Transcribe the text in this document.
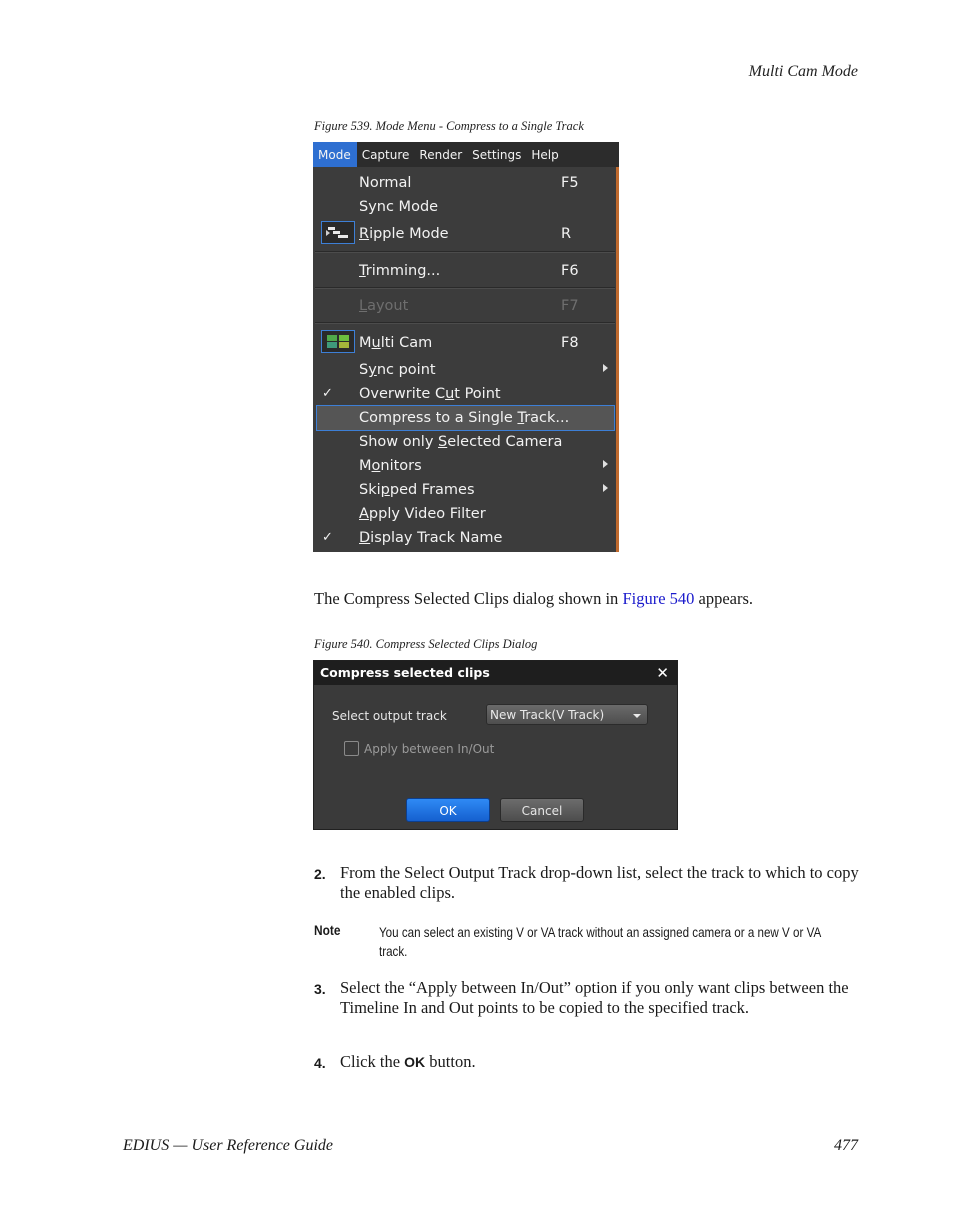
Multi Cam Mode
Figure 539. Mode Menu - Compress to a Single Track
Mode Capture Render Settings Help
Normal	F5
Sync Mode
Ripple Mode	R
Trimming...	F6
Layout	F7
Multi Cam	F8
Sync point
✓ Overwrite Cut Point
Compress to a Single Track...
Show only Selected Camera
Monitors
Skipped Frames
Apply Video Filter
✓ Display Track Name
The Compress Selected Clips dialog shown in Figure 540 appears.
Figure 540. Compress Selected Clips Dialog
Compress selected clips	✕
Select output track	New Track(V Track)
Apply between In/Out
OK	Cancel
2. From the Select Output Track drop-down list, select the track to which to copy the enabled clips.
Note	You can select an existing V or VA track without an assigned camera or a new V or VA track.
3. Select the “Apply between In/Out” option if you only want clips between the Timeline In and Out points to be copied to the specified track.
4. Click the OK button.
EDIUS — User Reference Guide	477
